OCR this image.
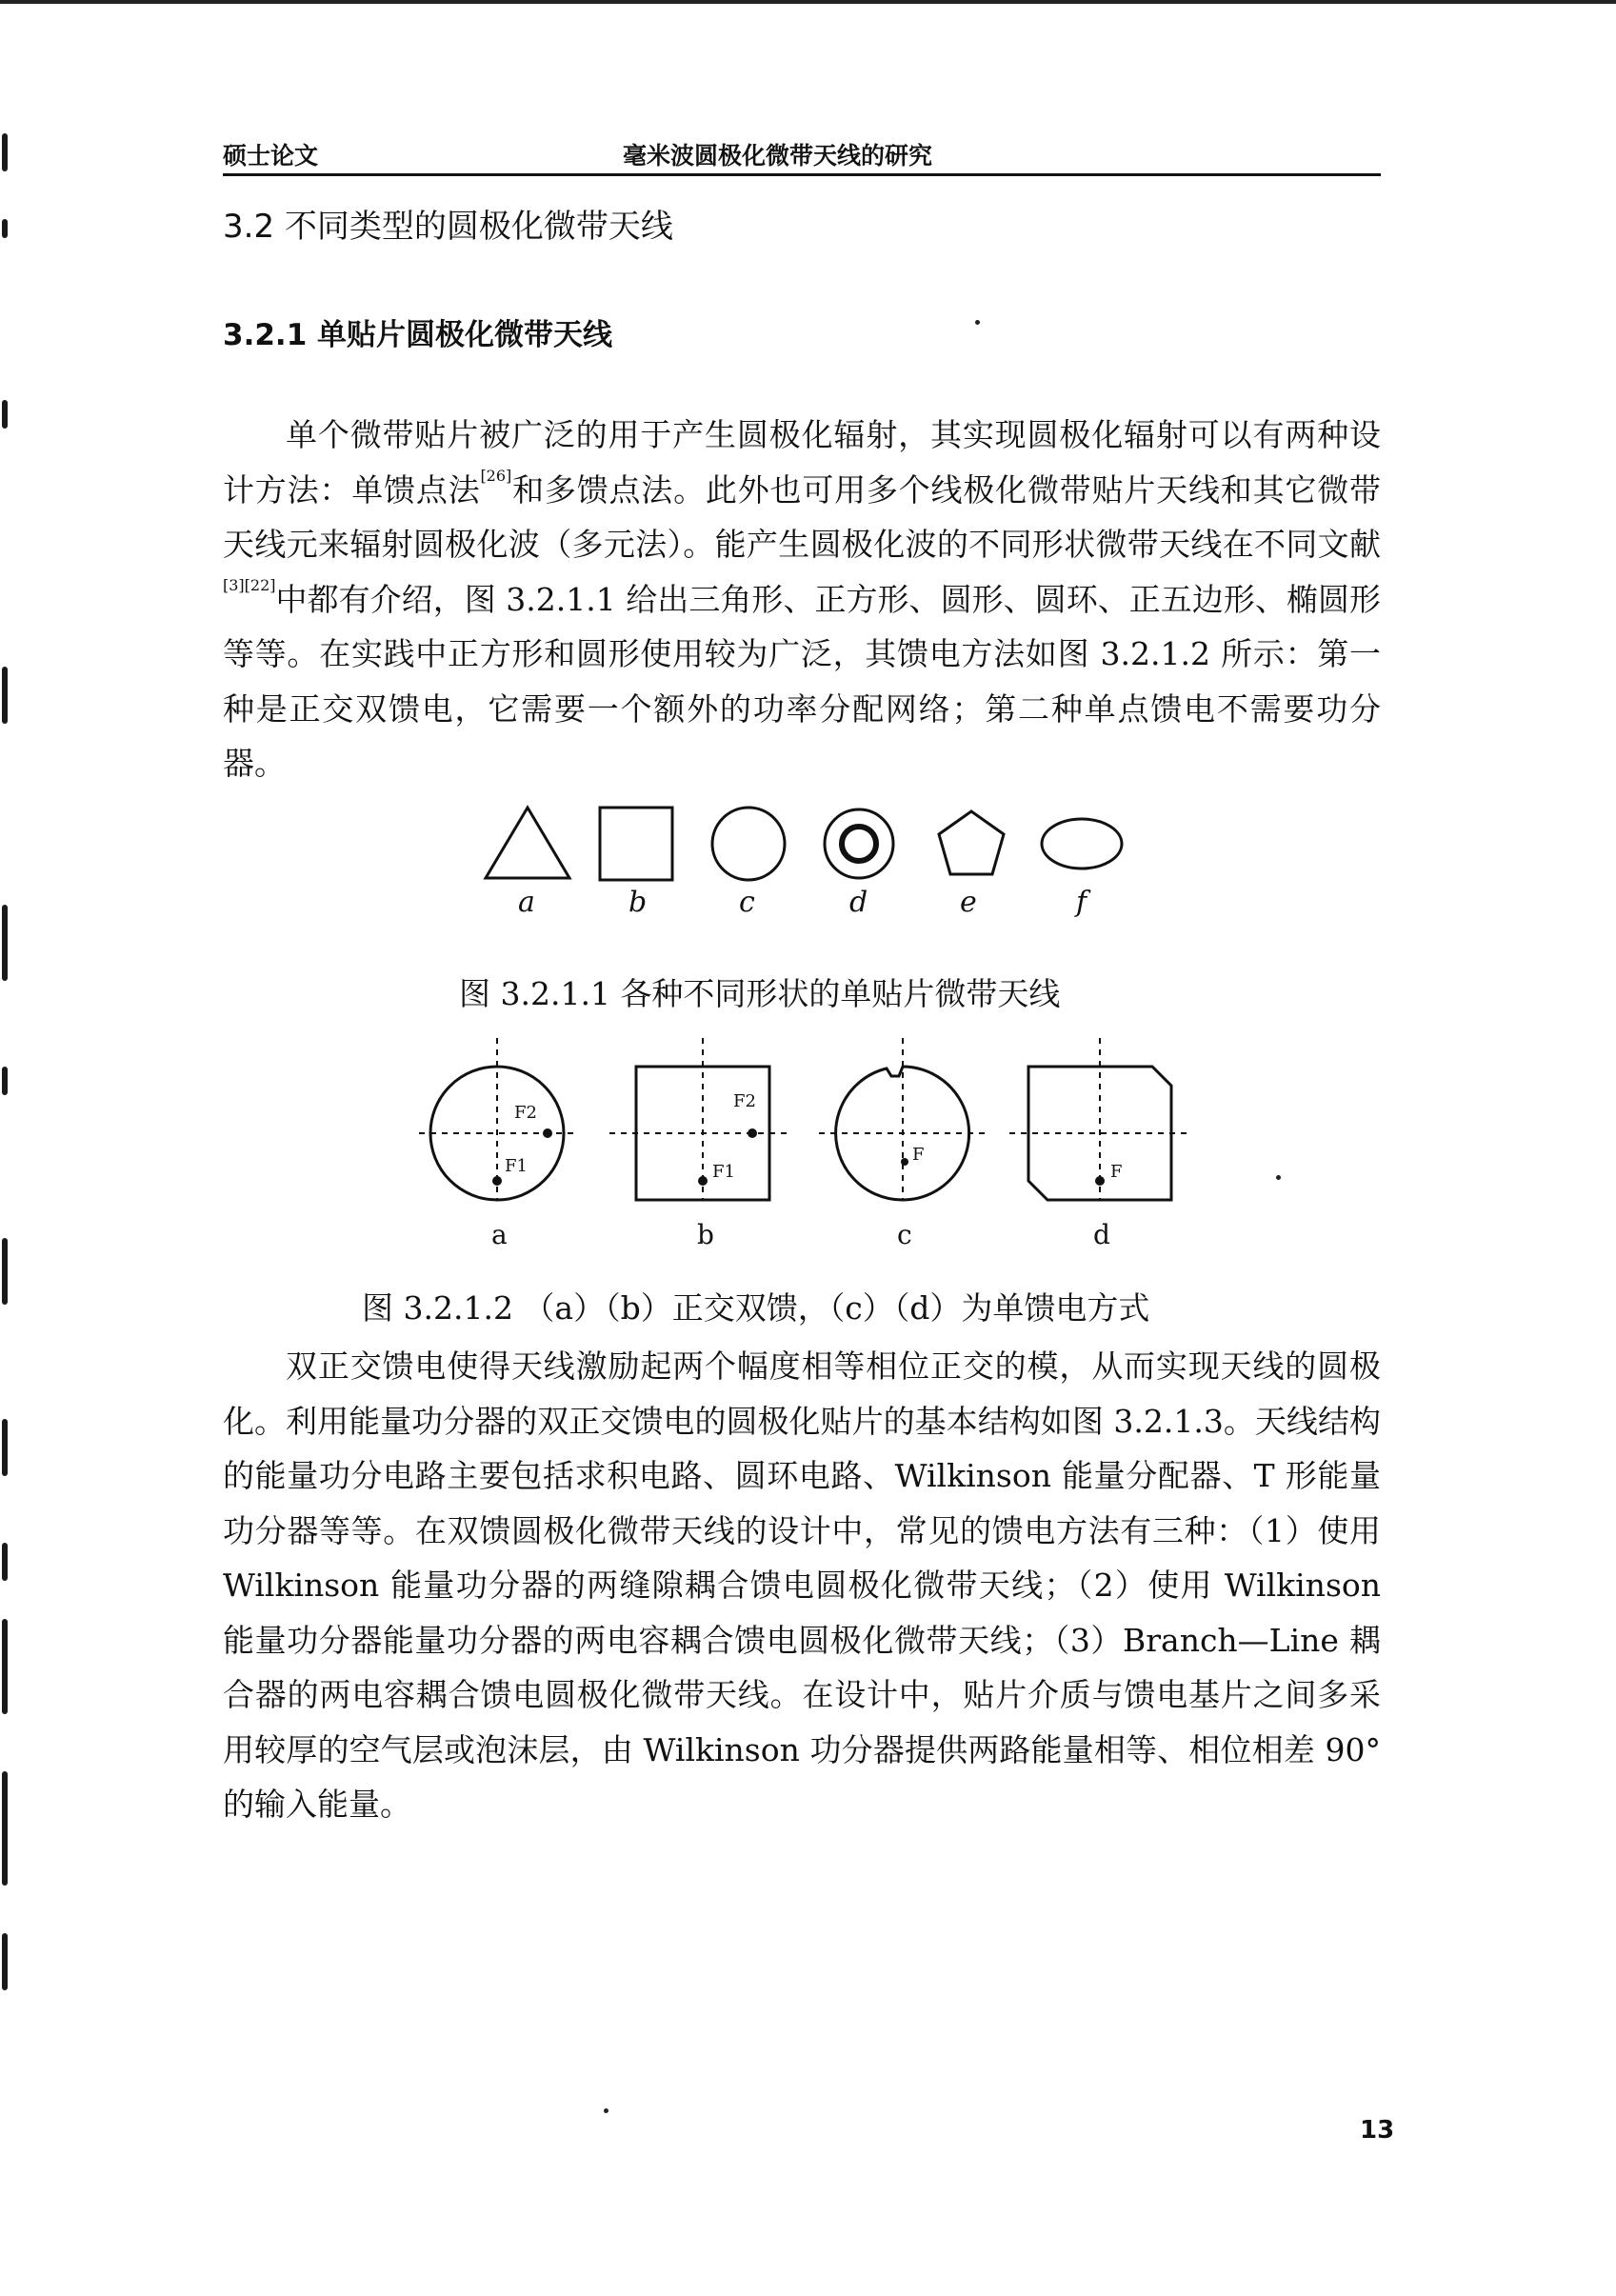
硕士论文	毫米波圆极化微带天线的研究
3.2 不同类型的圆极化微带天线
3.2.1 单贴片圆极化微带天线
单个微带贴片被广泛的用于产生圆极化辐射，其实现圆极化辐射可以有两种设计方法：单馈点法[26]和多馈点法。此外也可用多个线极化微带贴片天线和其它微带天线元来辐射圆极化波（多元法）。能产生圆极化波的不同形状微带天线在不同文献[3][22]中都有介绍，图 3.2.1.1 给出三角形、正方形、圆形、圆环、正五边形、椭圆形等等。在实践中正方形和圆形使用较为广泛，其馈电方法如图 3.2.1.2 所示：第一种是正交双馈电，它需要一个额外的功率分配网络；第二种单点馈电不需要功分器。
a	b	c	d	e	f
图 3.2.1.1 各种不同形状的单贴片微带天线
F2
F1
F2
F1
F
F
a	b	c	d
图 3.2.1.2 （a）（b）正交双馈，（c）（d）为单馈电方式
双正交馈电使得天线激励起两个幅度相等相位正交的模，从而实现天线的圆极化。利用能量功分器的双正交馈电的圆极化贴片的基本结构如图 3.2.1.3。天线结构的能量功分电路主要包括求积电路、圆环电路、Wilkinson 能量分配器、T 形能量功分器等等。在双馈圆极化微带天线的设计中，常见的馈电方法有三种：（1）使用 Wilkinson 能量功分器的两缝隙耦合馈电圆极化微带天线；（2）使用 Wilkinson 能量功分器能量功分器的两电容耦合馈电圆极化微带天线；（3）Branch—Line 耦合器的两电容耦合馈电圆极化微带天线。在设计中，贴片介质与馈电基片之间多采用较厚的空气层或泡沫层，由 Wilkinson 功分器提供两路能量相等、相位相差 90° 的输入能量。
13
